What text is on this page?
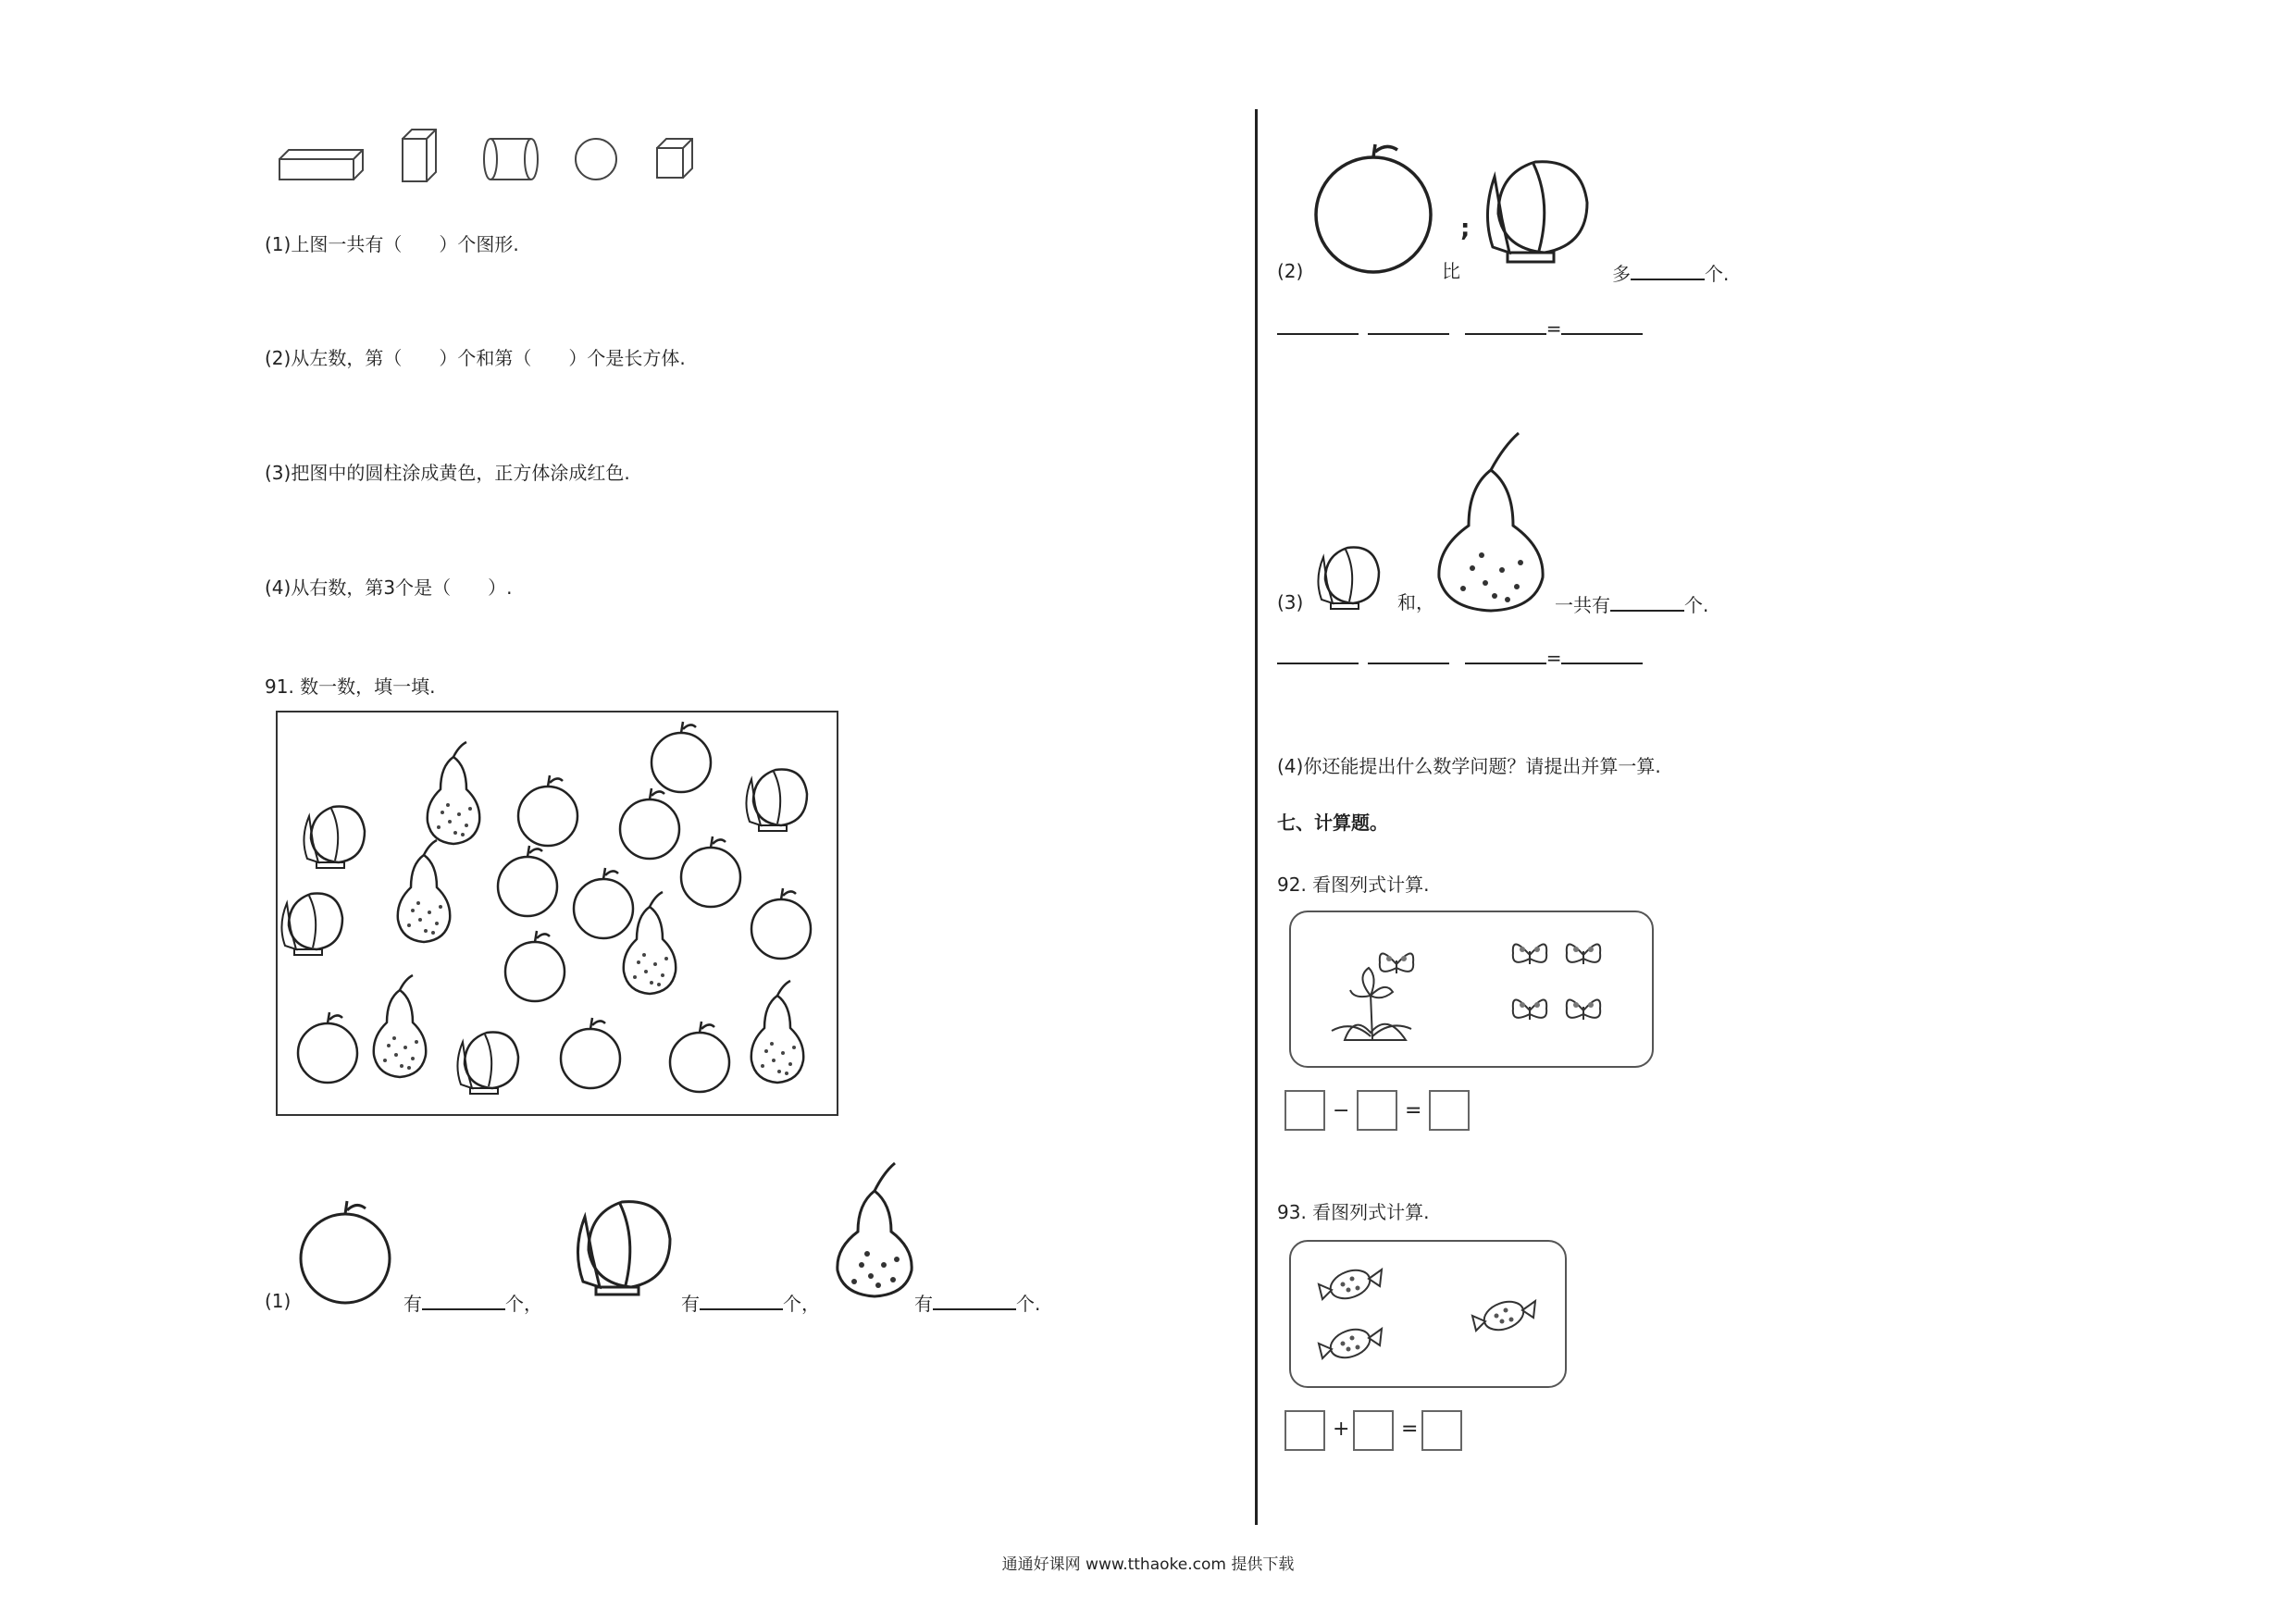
(1)上图一共有（　　）个图形.
(2)从左数，第（　　）个和第（　　）个是长方体.
(3)把图中的圆柱涂成黄色，正方体涂成红色.
(4)从右数，第3个是（　　）.
91. 数一数，填一填.
(1)	有	个，	有	个，	有	个.
;
(2)	比	多	个.
=
(3)	和，	一共有	个.
=
(4)你还能提出什么数学问题？请提出并算一算.
七、计算题。
92. 看图列式计算.
−	=
93. 看图列式计算.
+	=
通通好课网 www.tthaoke.com 提供下载
